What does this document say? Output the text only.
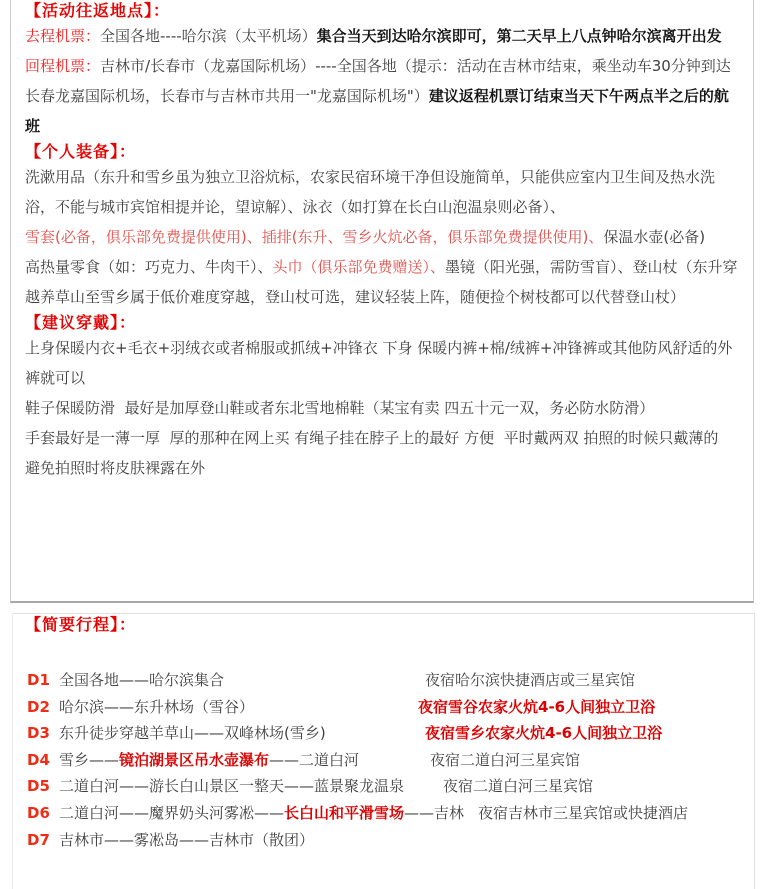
【活动往返地点】：

去程机票：全国各地----哈尔滨（太平机场）集合当天到达哈尔滨即可，第二天早上八点钟哈尔滨离开出发

回程机票：吉林市/长春市（龙嘉国际机场）----全国各地（提示：活动在吉林市结束，乘坐动车30分钟到达长春龙嘉国际机场，长春市与吉林市共用一"龙嘉国际机场"）建议返程机票订结束当天下午两点半之后的航班

【个人装备】：

洗漱用品（东升和雪乡虽为独立卫浴炕标，农家民宿环境干净但设施简单，只能供应室内卫生间及热水洗浴，不能与城市宾馆相提并论，望谅解）、泳衣（如打算在长白山泡温泉则必备）、

雪套(必备，俱乐部免费提供使用)、插排(东升、雪乡火炕必备，俱乐部免费提供使用)、保温水壶(必备)

高热量零食（如：巧克力、牛肉干）、头巾（俱乐部免费赠送）、墨镜（阳光强，需防雪盲）、登山杖（东升穿越养草山至雪乡属于低价难度穿越，登山杖可选，建议轻装上阵，随便捡个树枝都可以代替登山杖）

【建议穿戴】：

上身保暖内衣+毛衣+羽绒衣或者棉服或抓绒+冲锋衣 下身 保暖内裤+棉/绒裤+冲锋裤或其他防风舒适的外裤就可以

鞋子保暖防滑  最好是加厚登山鞋或者东北雪地棉鞋（某宝有卖 四五十元一双，务必防水防滑）

手套最好是一薄一厚  厚的那种在网上买 有绳子挂在脖子上的最好 方便  平时戴两双 拍照的时候只戴薄的  避免拍照时将皮肤裸露在外

【简要行程】：
D1 全国各地——哈尔滨集合	夜宿哈尔滨快捷酒店或三星宾馆
D2 哈尔滨——东升林场（雪谷）	夜宿雪谷农家火炕4-6人间独立卫浴
D3 东升徒步穿越羊草山——双峰林场(雪乡)	夜宿雪乡农家火炕4-6人间独立卫浴
D4 雪乡——镜泊湖景区吊水壶瀑布——二道白河	夜宿二道白河三星宾馆
D5 二道白河——游长白山景区一整天——蓝景聚龙温泉	夜宿二道白河三星宾馆
D6 二道白河——魔界奶头河雾凇——长白山和平滑雪场——吉林 夜宿吉林市三星宾馆或快捷酒店
D7 吉林市——雾凇岛——吉林市（散团）
